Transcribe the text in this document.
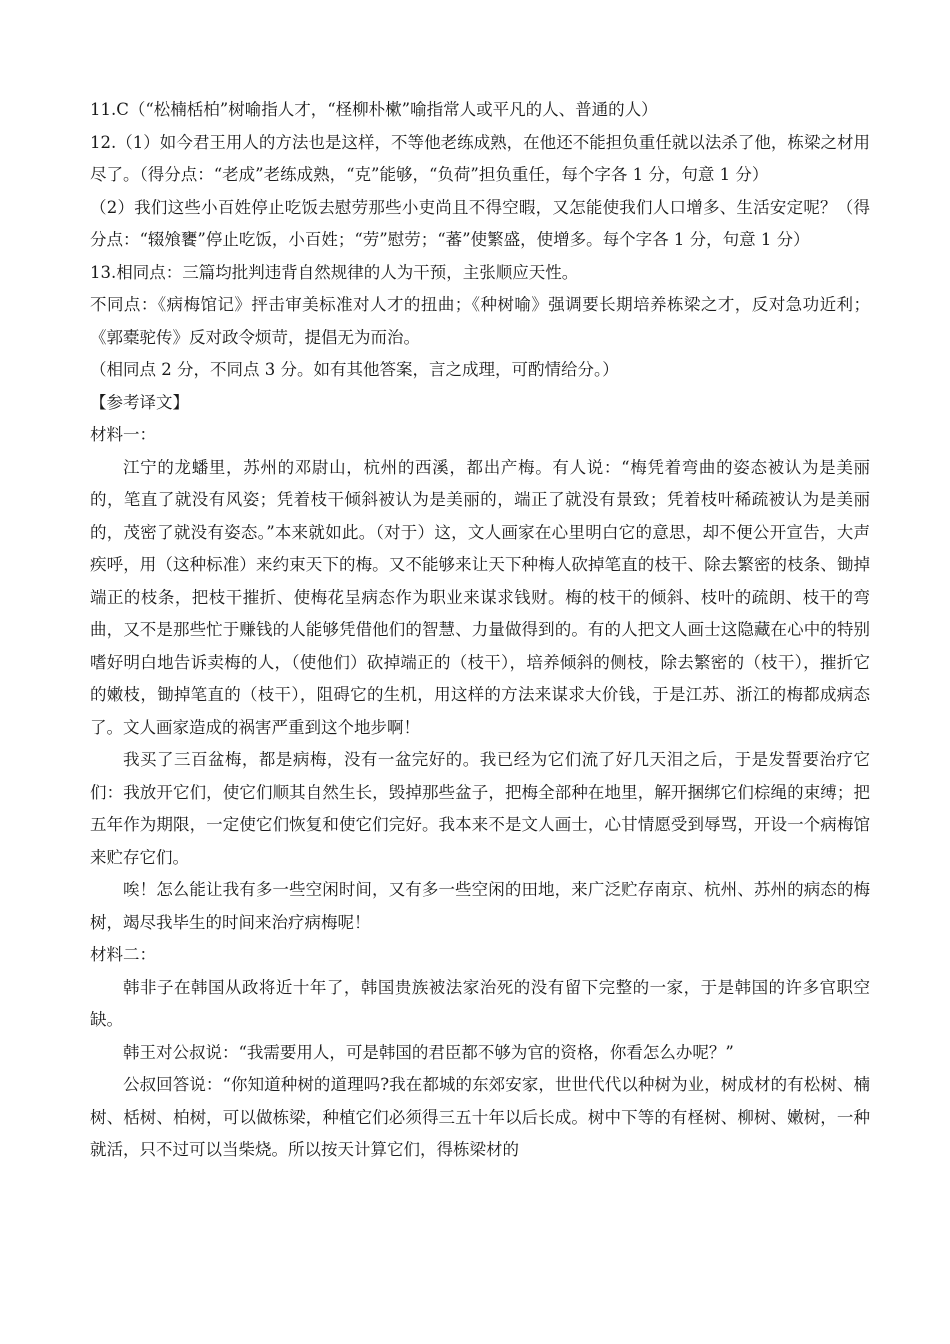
11.C（“松楠栝柏”树喻指人才，“柽柳朴樕”喻指常人或平凡的人、普通的人）

12.（1）如今君王用人的方法也是这样，不等他老练成熟，在他还不能担负重任就以法杀了他，栋梁之材用尽了。（得分点：“老成”老练成熟，“克”能够，“负荷”担负重任，每个字各 1 分，句意 1 分）

（2）我们这些小百姓停止吃饭去慰劳那些小吏尚且不得空暇，又怎能使我们人口增多、生活安定呢？（得分点：“辍飧饔”停止吃饭，小百姓；“劳”慰劳；“蕃”使繁盛，使增多。每个字各 1 分，句意 1 分）

13.相同点：三篇均批判违背自然规律的人为干预，主张顺应天性。

不同点：《病梅馆记》抨击审美标准对人才的扭曲；《种树喻》强调要长期培养栋梁之才，反对急功近利；《郭橐驼传》反对政令烦苛，提倡无为而治。

（相同点 2 分，不同点 3 分。如有其他答案，言之成理，可酌情给分。）

【参考译文】

材料一：

江宁的龙蟠里，苏州的邓尉山，杭州的西溪，都出产梅。有人说：“梅凭着弯曲的姿态被认为是美丽的，笔直了就没有风姿；凭着枝干倾斜被认为是美丽的，端正了就没有景致；凭着枝叶稀疏被认为是美丽的，茂密了就没有姿态。”本来就如此。（对于）这，文人画家在心里明白它的意思，却不便公开宣告，大声疾呼，用（这种标准）来约束天下的梅。又不能够来让天下种梅人砍掉笔直的枝干、除去繁密的枝条、锄掉端正的枝条，把枝干摧折、使梅花呈病态作为职业来谋求钱财。梅的枝干的倾斜、枝叶的疏朗、枝干的弯曲，又不是那些忙于赚钱的人能够凭借他们的智慧、力量做得到的。有的人把文人画士这隐藏在心中的特别嗜好明白地告诉卖梅的人，（使他们）砍掉端正的（枝干），培养倾斜的侧枝，除去繁密的（枝干），摧折它的嫩枝，锄掉笔直的（枝干），阻碍它的生机，用这样的方法来谋求大价钱，于是江苏、浙江的梅都成病态了。文人画家造成的祸害严重到这个地步啊！

我买了三百盆梅，都是病梅，没有一盆完好的。我已经为它们流了好几天泪之后，于是发誓要治疗它们：我放开它们，使它们顺其自然生长，毁掉那些盆子，把梅全部种在地里，解开捆绑它们棕绳的束缚；把五年作为期限，一定使它们恢复和使它们完好。我本来不是文人画士，心甘情愿受到辱骂，开设一个病梅馆来贮存它们。

唉！怎么能让我有多一些空闲时间，又有多一些空闲的田地，来广泛贮存南京、杭州、苏州的病态的梅树，竭尽我毕生的时间来治疗病梅呢！

材料二：

韩非子在韩国从政将近十年了，韩国贵族被法家治死的没有留下完整的一家，于是韩国的许多官职空缺。

韩王对公叔说：“我需要用人，可是韩国的君臣都不够为官的资格，你看怎么办呢？”

公叔回答说：“你知道种树的道理吗?我在都城的东郊安家，世世代代以种树为业，树成材的有松树、楠树、栝树、柏树，可以做栋梁，种植它们必须得三五十年以后长成。树中下等的有柽树、柳树、嫩树，一种就活，只不过可以当柴烧。所以按天计算它们，得栋梁材的
